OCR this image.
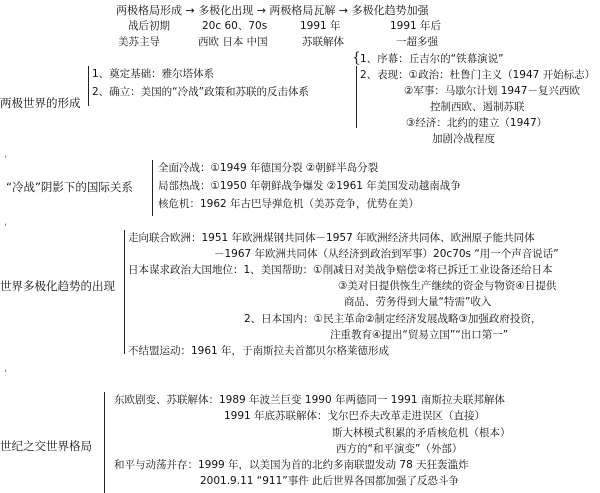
两极格局形成 → 多极化出现 → 两极格局瓦解 → 多极化趋势加强
战后初期	20c 60、70s	1991 年	1991 年后
美苏主导	西欧 日本 中国	苏联解体	一超多强
两极世界的形成
1、奠定基础：雅尔塔体系
2、确立：美国的“冷战”政策和苏联的反击体系
{ 1、序幕：丘吉尔的“铁幕演说”
2、表现：①政治：杜鲁门主义（1947 开始标志）
②军事：马歇尔计划 1947－复兴西欧
控制西欧、遏制苏联
③经济：北约的建立（1947）
加剧冷战程度
,
“冷战”阴影下的国际关系
全面冷战：①1949 年德国分裂 ②朝鲜半岛分裂
局部热战：①1950 年朝鲜战争爆发 ②1961 年美国发动越南战争
核危机：1962 年古巴导弹危机（美苏竞争，优势在美）
,
世界多极化趋势的出现
走向联合欧洲：1951 年欧洲煤钢共同体－1957 年欧洲经济共同体、欧洲原子能共同体
－1967 年欧洲共同体（从经济到政治到军事）20c70s “用一个声音说话”
日本谋求政治大国地位：1、美国帮助：①削减日对美战争赔偿②将已拆迁工业设备还给日本
③美对日提供恢生产继续的资金与物资④日提供
商品、劳务得到大量“特需”收入
2、日本国内：①民主革命②制定经济发展战略③加强政府投资，
注重教育④提出“贸易立国”“出口第一”
不结盟运动：1961 年，于南斯拉夫首都贝尔格莱德形成
,
世纪之交世界格局
东欧剧变、苏联解体：1989 年波兰巨变 1990 年两德同一 1991 南斯拉夫联邦解体
1991 年底苏联解体：戈尔巴乔夫改革走进误区（直接）
斯大林模式积累的矛盾核危机（根本）
西方的“和平演变”（外部）
和平与动荡并存：1999 年，以美国为首的北约多南联盟发动 78 天狂轰滥炸
2001.9.11 “911”事件 此后世界各国都加强了反恐斗争
